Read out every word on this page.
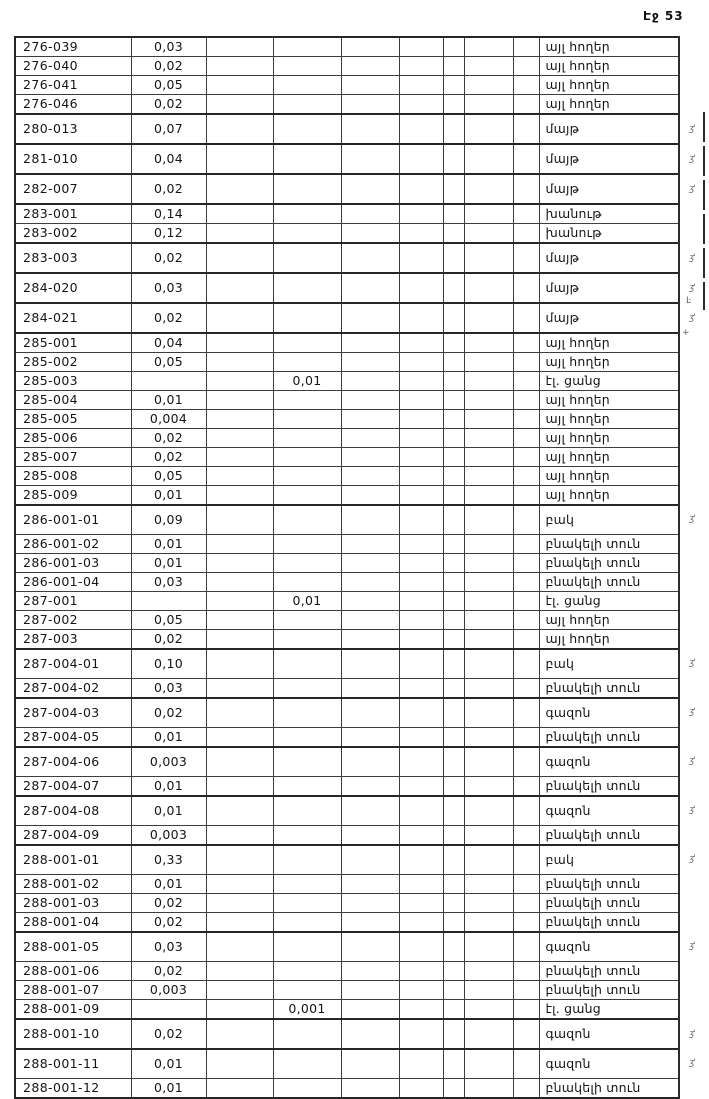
Էջ 53
276-039	0,03								այլ հողեր	
276-040	0,02								այլ հողեր	
276-041	0,05								այլ հողեր	
276-046	0,02								այլ հողեր	
280-013	0,07								մայթ	ʒ'
281-010	0,04								մայթ	ʒ'
282-007	0,02								մայթ	ʒ'
283-001	0,14								խանութ	
283-002	0,12								խանութ	
283-003	0,02								մայթ	ʒ'
284-020	0,03								մայթ	ʒ'
284-021	0,02								մայթ	ʒ'
285-001	0,04								այլ հողեր	
285-002	0,05								այլ հողեր	
285-003			0,01						էլ. ցանց	
285-004	0,01								այլ հողեր	
285-005	0,004								այլ հողեր	
285-006	0,02								այլ հողեր	
285-007	0,02								այլ հողեր	
285-008	0,05								այլ հողեր	
285-009	0,01								այլ հողեր	
286-001-01	0,09								բակ	ʒ'
286-001-02	0,01								բնակելի տուն	
286-001-03	0,01								բնակելի տուն	
286-001-04	0,03								բնակելի տուն	
287-001			0,01						էլ. ցանց	
287-002	0,05								այլ հողեր	
287-003	0,02								այլ հողեր	
287-004-01	0,10								բակ	ʒ'
287-004-02	0,03								բնակելի տուն	
287-004-03	0,02								գազոն	ʒ'
287-004-05	0,01								բնակելի տուն	
287-004-06	0,003								գազոն	ʒ'
287-004-07	0,01								բնակելի տուն	
287-004-08	0,01								գազոն	ʒ'
287-004-09	0,003								բնակելի տուն	
288-001-01	0,33								բակ	ʒ'
288-001-02	0,01								բնակելի տուն	
288-001-03	0,02								բնակելի տուն	
288-001-04	0,02								բնակելի տուն	
288-001-05	0,03								գազոն	ʒ'
288-001-06	0,02								բնակելի տուն	
288-001-07	0,003								բնակելի տուն	
288-001-09			0,001						էլ. ցանց	
288-001-10	0,02								գազոն	ʒ'
288-001-11	0,01								գազոն	ʒ'
288-001-12	0,01								բնակելի տուն	
Ŀ
+
